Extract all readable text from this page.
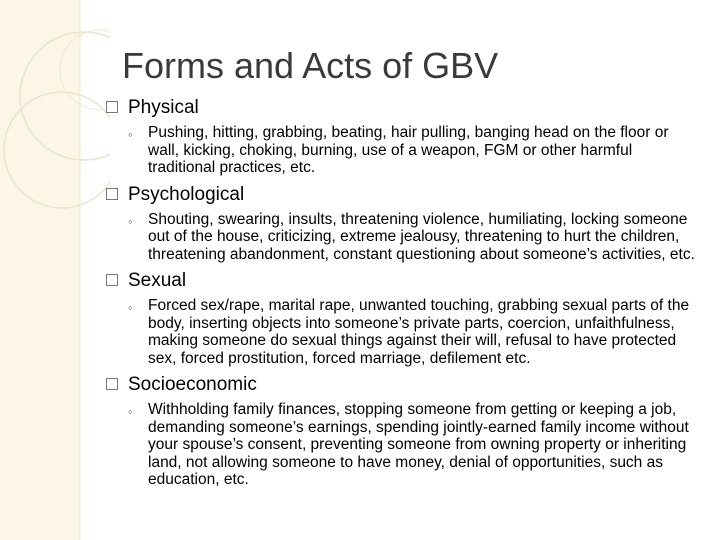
Forms and Acts of GBV
Physical
◦ Pushing, hitting, grabbing, beating, hair pulling, banging head on the floor or wall, kicking, choking, burning, use of a weapon, FGM or other harmful traditional practices, etc.
Psychological
◦ Shouting, swearing, insults, threatening violence, humiliating, locking someone out of the house, criticizing, extreme jealousy, threatening to hurt the children, threatening abandonment, constant questioning about someone’s activities, etc.
Sexual
◦ Forced sex/rape, marital rape, unwanted touching, grabbing sexual parts of the body, inserting objects into someone’s private parts, coercion, unfaithfulness, making someone do sexual things against their will, refusal to have protected sex, forced prostitution, forced marriage, defilement etc.
Socioeconomic
◦ Withholding family finances, stopping someone from getting or keeping a job, demanding someone’s earnings, spending jointly-earned family income without your spouse’s consent, preventing someone from owning property or inheriting land, not allowing someone to have money, denial of opportunities, such as education, etc.
